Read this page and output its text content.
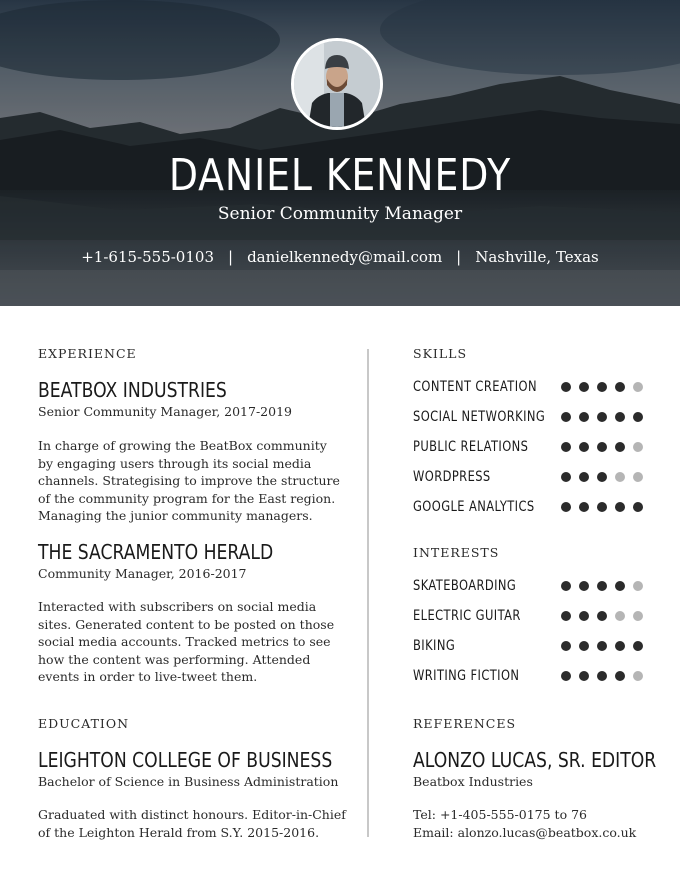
DANIEL KENNEDY
Senior Community Manager
+1-615-555-0103 | danielkennedy@mail.com | Nashville, Texas
EXPERIENCE
BEATBOX INDUSTRIES
Senior Community Manager, 2017-2019
In charge of growing the BeatBox community
by engaging users through its social media
channels. Strategising to improve the structure
of the community program for the East region.
Managing the junior community managers.
THE SACRAMENTO HERALD
Community Manager, 2016-2017
Interacted with subscribers on social media
sites. Generated content to be posted on those
social media accounts. Tracked metrics to see
how the content was performing. Attended
events in order to live-tweet them.
EDUCATION
LEIGHTON COLLEGE OF BUSINESS
Bachelor of Science in Business Administration
Graduated with distinct honours. Editor-in-Chief
of the Leighton Herald from S.Y. 2015-2016.
SKILLS
CONTENT CREATION
SOCIAL NETWORKING
PUBLIC RELATIONS
WORDPRESS
GOOGLE ANALYTICS
INTERESTS
SKATEBOARDING
ELECTRIC GUITAR
BIKING
WRITING FICTION
REFERENCES
ALONZO LUCAS, SR. EDITOR
Beatbox Industries
Tel: +1-405-555-0175 to 76
Email: alonzo.lucas@beatbox.co.uk
